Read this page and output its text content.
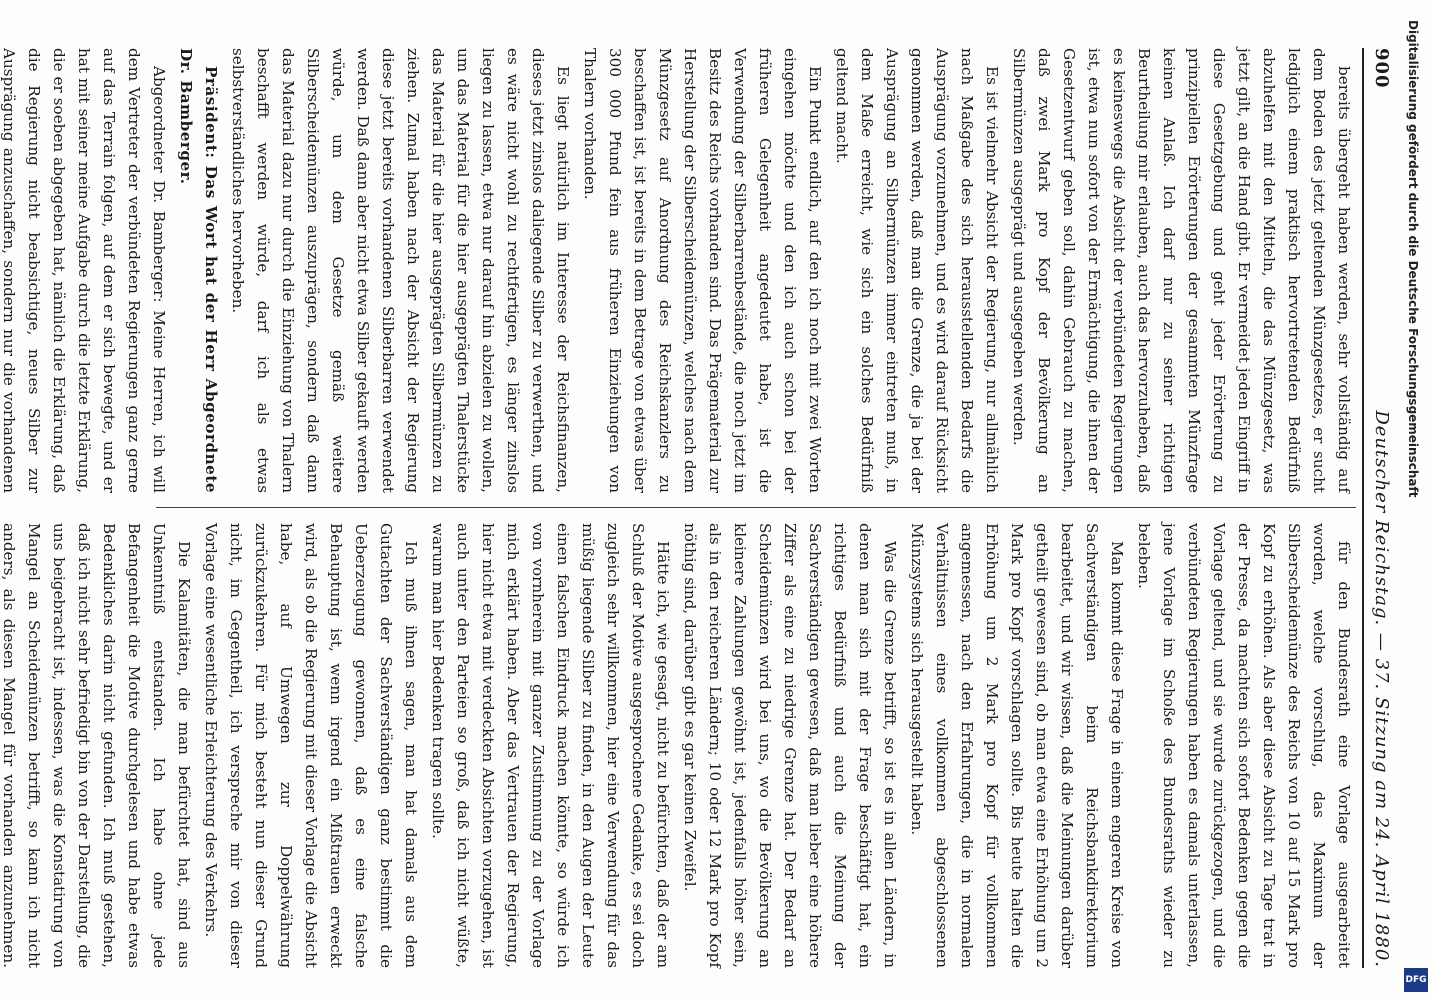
900
Deutscher Reichstag. — 37. Sitzung am 24. April 1880.

bereits übergeht haben werden, sehr vollständig auf dem Boden des jetzt geltenden Münzgesetzes, er sucht lediglich einem praktisch hervortretenden Bedürfniß abzuhelfen mit den Mitteln, die das Münzgesetz, was jetzt gilt, an die Hand gibt. Er vermeidet jeden Eingriff in diese Gesetzgebung und geht jeder Erörterung zu prinzipiellen Erörterungen der gesammten Münzfrage keinen Anlaß. Ich darf nur zu seiner richtigen Beurtheilung mir erlauben, auch das hervorzuheben, daß es keineswegs die Absicht der verbündeten Regierungen ist, etwa nun sofort von der Ermächtigung, die ihnen der Gesetzentwurf geben soll, dahin Gebrauch zu machen, daß zwei Mark pro Kopf der Bevölkerung an Silbermünzen ausgeprägt und ausgegeben werden.

Es ist vielmehr Absicht der Regierung, nur allmählich nach Maßgabe des sich herausstellenden Bedarfs die Ausprägung vorzunehmen, und es wird darauf Rücksicht genommen werden, daß man die Grenze, die ja bei der Ausprägung an Silbermünzen immer eintreten muß, in dem Maße erreicht, wie sich ein solches Bedürfniß geltend macht.

Ein Punkt endlich, auf den ich noch mit zwei Worten eingehen möchte und den ich auch schon bei der früheren Gelegenheit angedeutet habe, ist die Verwendung der Silberbarrenbestände, die noch jetzt im Besitz des Reichs vorhanden sind. Das Prägematerial zur Herstellung der Silberscheidemünzen, welches nach dem Münzgesetz auf Anordnung des Reichskanzlers zu beschaffen ist, ist bereits in dem Betrage von etwas über 300 000 Pfund fein aus früheren Einziehungen von Thalern vorhanden.

Es liegt natürlich im Interesse der Reichsfinanzen, dieses jetzt zinslos daliegende Silber zu verwerthen, und es wäre nicht wohl zu rechtfertigen, es länger zinslos liegen zu lassen, etwa nur darauf hin abzielen zu wollen, um das Material für die hier ausgeprägten Thalerstücke das Material für die hier ausgeprägten Silbermünzen zu ziehen. Zumal haben nach der Absicht der Regierung diese jetzt bereits vorhandenen Silberbarren verwendet werden. Daß dann aber nicht etwa Silber gekauft werden würde, um dem Gesetze gemäß weitere Silberscheidemünzen auszuprägen, sondern daß dann das Material dazu nur durch die Einziehung von Thalern beschafft werden würde, darf ich als etwas selbstverständliches hervorheben.

Präsident: Das Wort hat der Herr Abgeordnete Dr. Bamberger.

Abgeordneter Dr. Bamberger: Meine Herren, ich will dem Vertreter der verbündeten Regierungen ganz gerne auf das Terrain folgen, auf dem er sich bewegte, und er hat mit seiner meine Aufgabe durch die letzte Erklärung, die er soeben abgegeben hat, nämlich die Erklärung, daß die Regierung nicht beabsichtige, neues Silber zur Ausprägung anzuschaffen, sondern nur die vorhandenen

für den Bundesrath eine Vorlage ausgearbeitet worden, welche vorschlug, das Maximum der Silberscheidemünze des Reichs von 10 auf 15 Mark pro Kopf zu erhöhen. Als aber diese Absicht zu Tage trat in der Presse, da machten sich sofort Bedenken gegen die Vorlage geltend, und sie wurde zurückgezogen, und die verbündeten Regierungen haben es damals unterlassen, jene Vorlage im Schoße des Bundesraths wieder zu beleben.

Man kommt diese Frage in einem engeren Kreise von Sachverständigen beim Reichsbankdirektorium bearbeitet, und wir wissen, daß die Meinungen darüber getheilt gewesen sind, ob man etwa eine Erhöhung um 2 Mark pro Kopf vorschlagen sollte. Bis heute halten die Erhöhung um 2 Mark pro Kopf für vollkommen angemessen, nach den Erfahrungen, die in normalen Verhältnissen eines vollkommen abgeschlossenen Münzsystems sich herausgestellt haben.

Was die Grenze betrifft, so ist es in allen Ländern, in denen man sich mit der Frage beschäftigt hat, ein richtiges Bedürfniß und auch die Meinung der Sachverständigen gewesen, daß man lieber eine höhere Ziffer als eine zu niedrige Grenze hat. Der Bedarf an Scheidemünzen wird bei uns, wo die Bevölkerung an kleinere Zahlungen gewöhnt ist, jedenfalls höher sein, als in den reicheren Ländern; 10 oder 12 Mark pro Kopf nöthig sind, darüber gibt es gar keinen Zweifel.

Hätte ich, wie gesagt, nicht zu befürchten, daß der am Schluß der Motive ausgesprochene Gedanke, es sei doch zugleich sehr willkommen, hier eine Verwendung für das müßig liegende Silber zu finden, in den Augen der Leute einen falschen Eindruck machen könnte, so würde ich von vornherein mit ganzer Zustimmung zu der Vorlage mich erklärt haben. Aber das Vertrauen der Regierung, hier nicht etwa mit verdeckten Absichten vorzugehen, ist auch unter den Parteien so groß, daß ich nicht wüßte, warum man hier Bedenken tragen sollte.

Ich muß ihnen sagen, man hat damals aus dem Gutachten der Sachverständigen ganz bestimmt die Ueberzeugung gewonnen, daß es eine falsche Behauptung ist, wenn irgend ein Mißtrauen erweckt wird, als ob die Regierung mit dieser Vorlage die Absicht habe, auf Umwegen zur Doppelwährung zurückzukehren. Für mich besteht nun dieser Grund nicht, im Gegentheil, ich verspreche mir von dieser Vorlage eine wesentliche Erleichterung des Verkehrs.

Die Kalamitäten, die man befürchtet hat, sind aus Unkenntniß entstanden. Ich habe ohne jede Befangenheit die Motive durchgelesen und habe etwas Bedenkliches darin nicht gefunden. Ich muß gestehen, daß ich nicht sehr befriedigt bin von der Darstellung, die uns beigebracht ist, indessen, was die Konstatirung von Mangel an Scheidemünzen betrifft, so kann ich nicht anders, als diesen Mangel für vorhanden anzunehmen.

Digitalisierung gefördert durch die Deutsche Forschungsgemeinschaft
DFG
